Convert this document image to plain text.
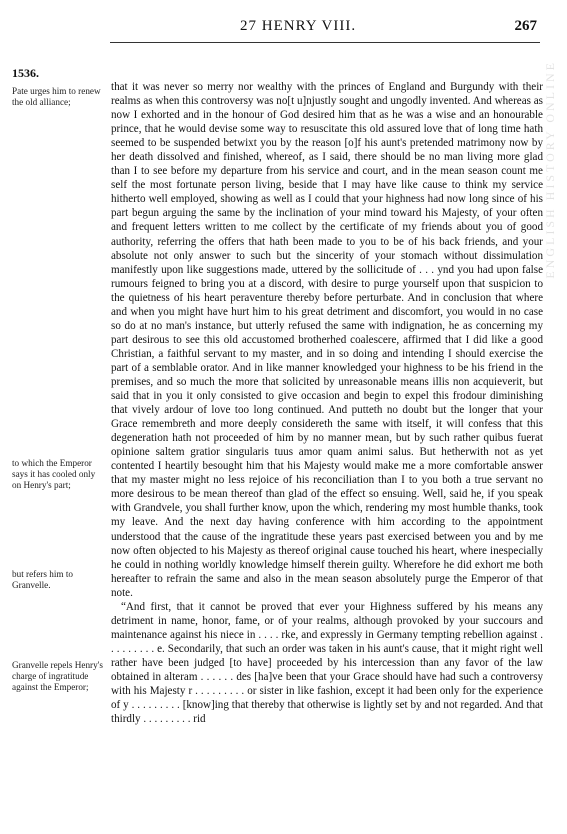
27 HENRY VIII.	267
1536.
Pate urges him to renew the old alliance;
to which the Emperor says it has cooled only on Henry's part;
but refers him to Granvelle.
Granvelle repels Henry's charge of ingratitude against the Emperor;

that it was never so merry nor wealthy with the princes of England and Burgundy with their realms as when this controversy was no[t u]njustly sought and ungodly invented. And whereas as now I exhorted and in the honour of God desired him that as he was a wise and an honourable prince, that he would devise some way to resuscitate this old assured love that of long time hath seemed to be suspended betwixt you by the reason [o]f his aunt's pretended matrimony now by her death dissolved and finished, whereof, as I said, there should be no man living more glad than I to see before my departure from his service and court, and in the mean season count me self the most fortunate person living, beside that I may have like cause to think my service hitherto well employed, showing as well as I could that your highness had now long since of his part begun arguing the same by the inclination of your mind toward his Majesty, of your often and frequent letters written to me collect by the certificate of my friends about you of good authority, referring the offers that hath been made to you to be of his back friends, and your absolute not only answer to such but the sincerity of your stomach without dissimulation manifestly upon like suggestions made, uttered by the sollicitude of . . . ynd you had upon false rumours feigned to bring you at a discord, with desire to purge yourself upon that suspicion to the quietness of his heart peraventure thereby before perturbate. And in conclusion that where and when you might have hurt him to his great detriment and discomfort, you would in no case so do at no man's instance, but utterly refused the same with indignation, he as concerning my part desirous to see this old accustomed brotherhed coalescere, affirmed that I did like a good Christian, a faithful servant to my master, and in so doing and intending I should exercise the part of a semblable orator. And in like manner knowledged your highness to be his friend in the premises, and so much the more that solicited by unreasonable means illis non acquieverit, but said that in you it only consisted to give occasion and begin to expel this frodour diminishing that vively ardour of love too long continued. And putteth no doubt but the longer that your Grace remembreth and more deeply considereth the same with itself, it will confess that this degeneration hath not proceeded of him by no manner mean, but by such rather quibus fuerat opinione saltem gratior singularis tuus amor quam animi salus. But hetherwith not as yet contented I heartily besought him that his Majesty would make me a more comfortable answer that my master might no less rejoice of his reconciliation than I to you both a true servant no more desirous to be mean thereof than glad of the effect so ensuing. Well, said he, if you speak with Grandvele, you shall further know, upon the which, rendering my most humble thanks, took my leave. And the next day having conference with him according to the appointment understood that the cause of the ingratitude these years past exercised between you and by me now often objected to his Majesty as thereof original cause touched his heart, where inespecially he could in nothing worldly knowledge himself therein guilty. Wherefore he did exhort me both hereafter to refrain the same and also in the mean season absolutely purge the Emperor of that note.

“And first, that it cannot be proved that ever your Highness suffered by his means any detriment in name, honor, fame, or of your realms, although provoked by your succours and maintenance against his niece in . . . . rke, and expressly in Germany tempting rebellion against . . . . . . . . . e. Secondarily, that such an order was taken in his aunt's cause, that it might right well rather have been judged [to have] proceeded by his intercession than any favor of the law obtained in alteram . . . . . . des [ha]ve been that your Grace should have had such a controversy with his Majesty r . . . . . . . . . or sister in like fashion, except it had been only for the experience of y . . . . . . . . . [know]ing that thereby that otherwise is lightly set by and not regarded. And that thirdly . . . . . . . . . rid

ENGLISH HISTORY ONLINE
